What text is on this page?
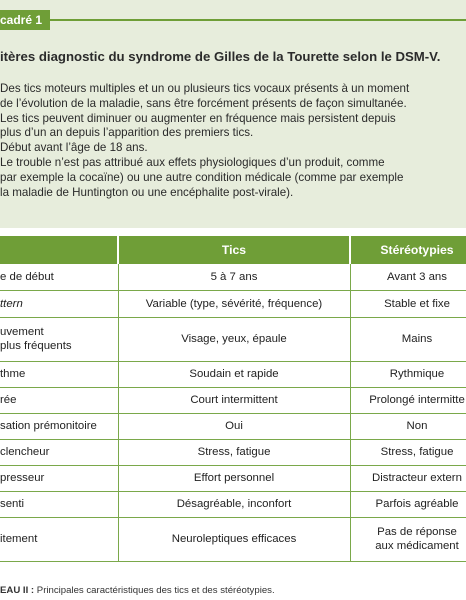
cadré 1
itères diagnostic du syndrome de Gilles de la Tourette selon le DSM-V.

Des tics moteurs multiples et un ou plusieurs tics vocaux présents à un moment

de l’évolution de la maladie, sans être forcément présents de façon simultanée.

Les tics peuvent diminuer ou augmenter en fréquence mais persistent depuis

plus d’un an depuis l’apparition des premiers tics.

Début avant l’âge de 18 ans.

Le trouble n’est pas attribué aux effets physiologiques d’un produit, comme

par exemple la cocaïne) ou une autre condition médicale (comme par exemple

la maladie de Huntington ou une encéphalite post-virale).

	Tics	Stéréotypies
e de début	5 à 7 ans	Avant 3 ans
ttern	Variable (type, sévérité, fréquence)	Stable et fixe
uvement
plus fréquents	Visage, yeux, épaule	Mains
thme	Soudain et rapide	Rythmique
rée	Court intermittent	Prolongé intermitte
sation prémonitoire	Oui	Non
clencheur	Stress, fatigue	Stress, fatigue
presseur	Effort personnel	Distracteur extern
senti	Désagréable, inconfort	Parfois agréable
itement	Neuroleptiques efficaces	Pas de réponse
aux médicament
EAU II : Principales caractéristiques des tics et des stéréotypies.
